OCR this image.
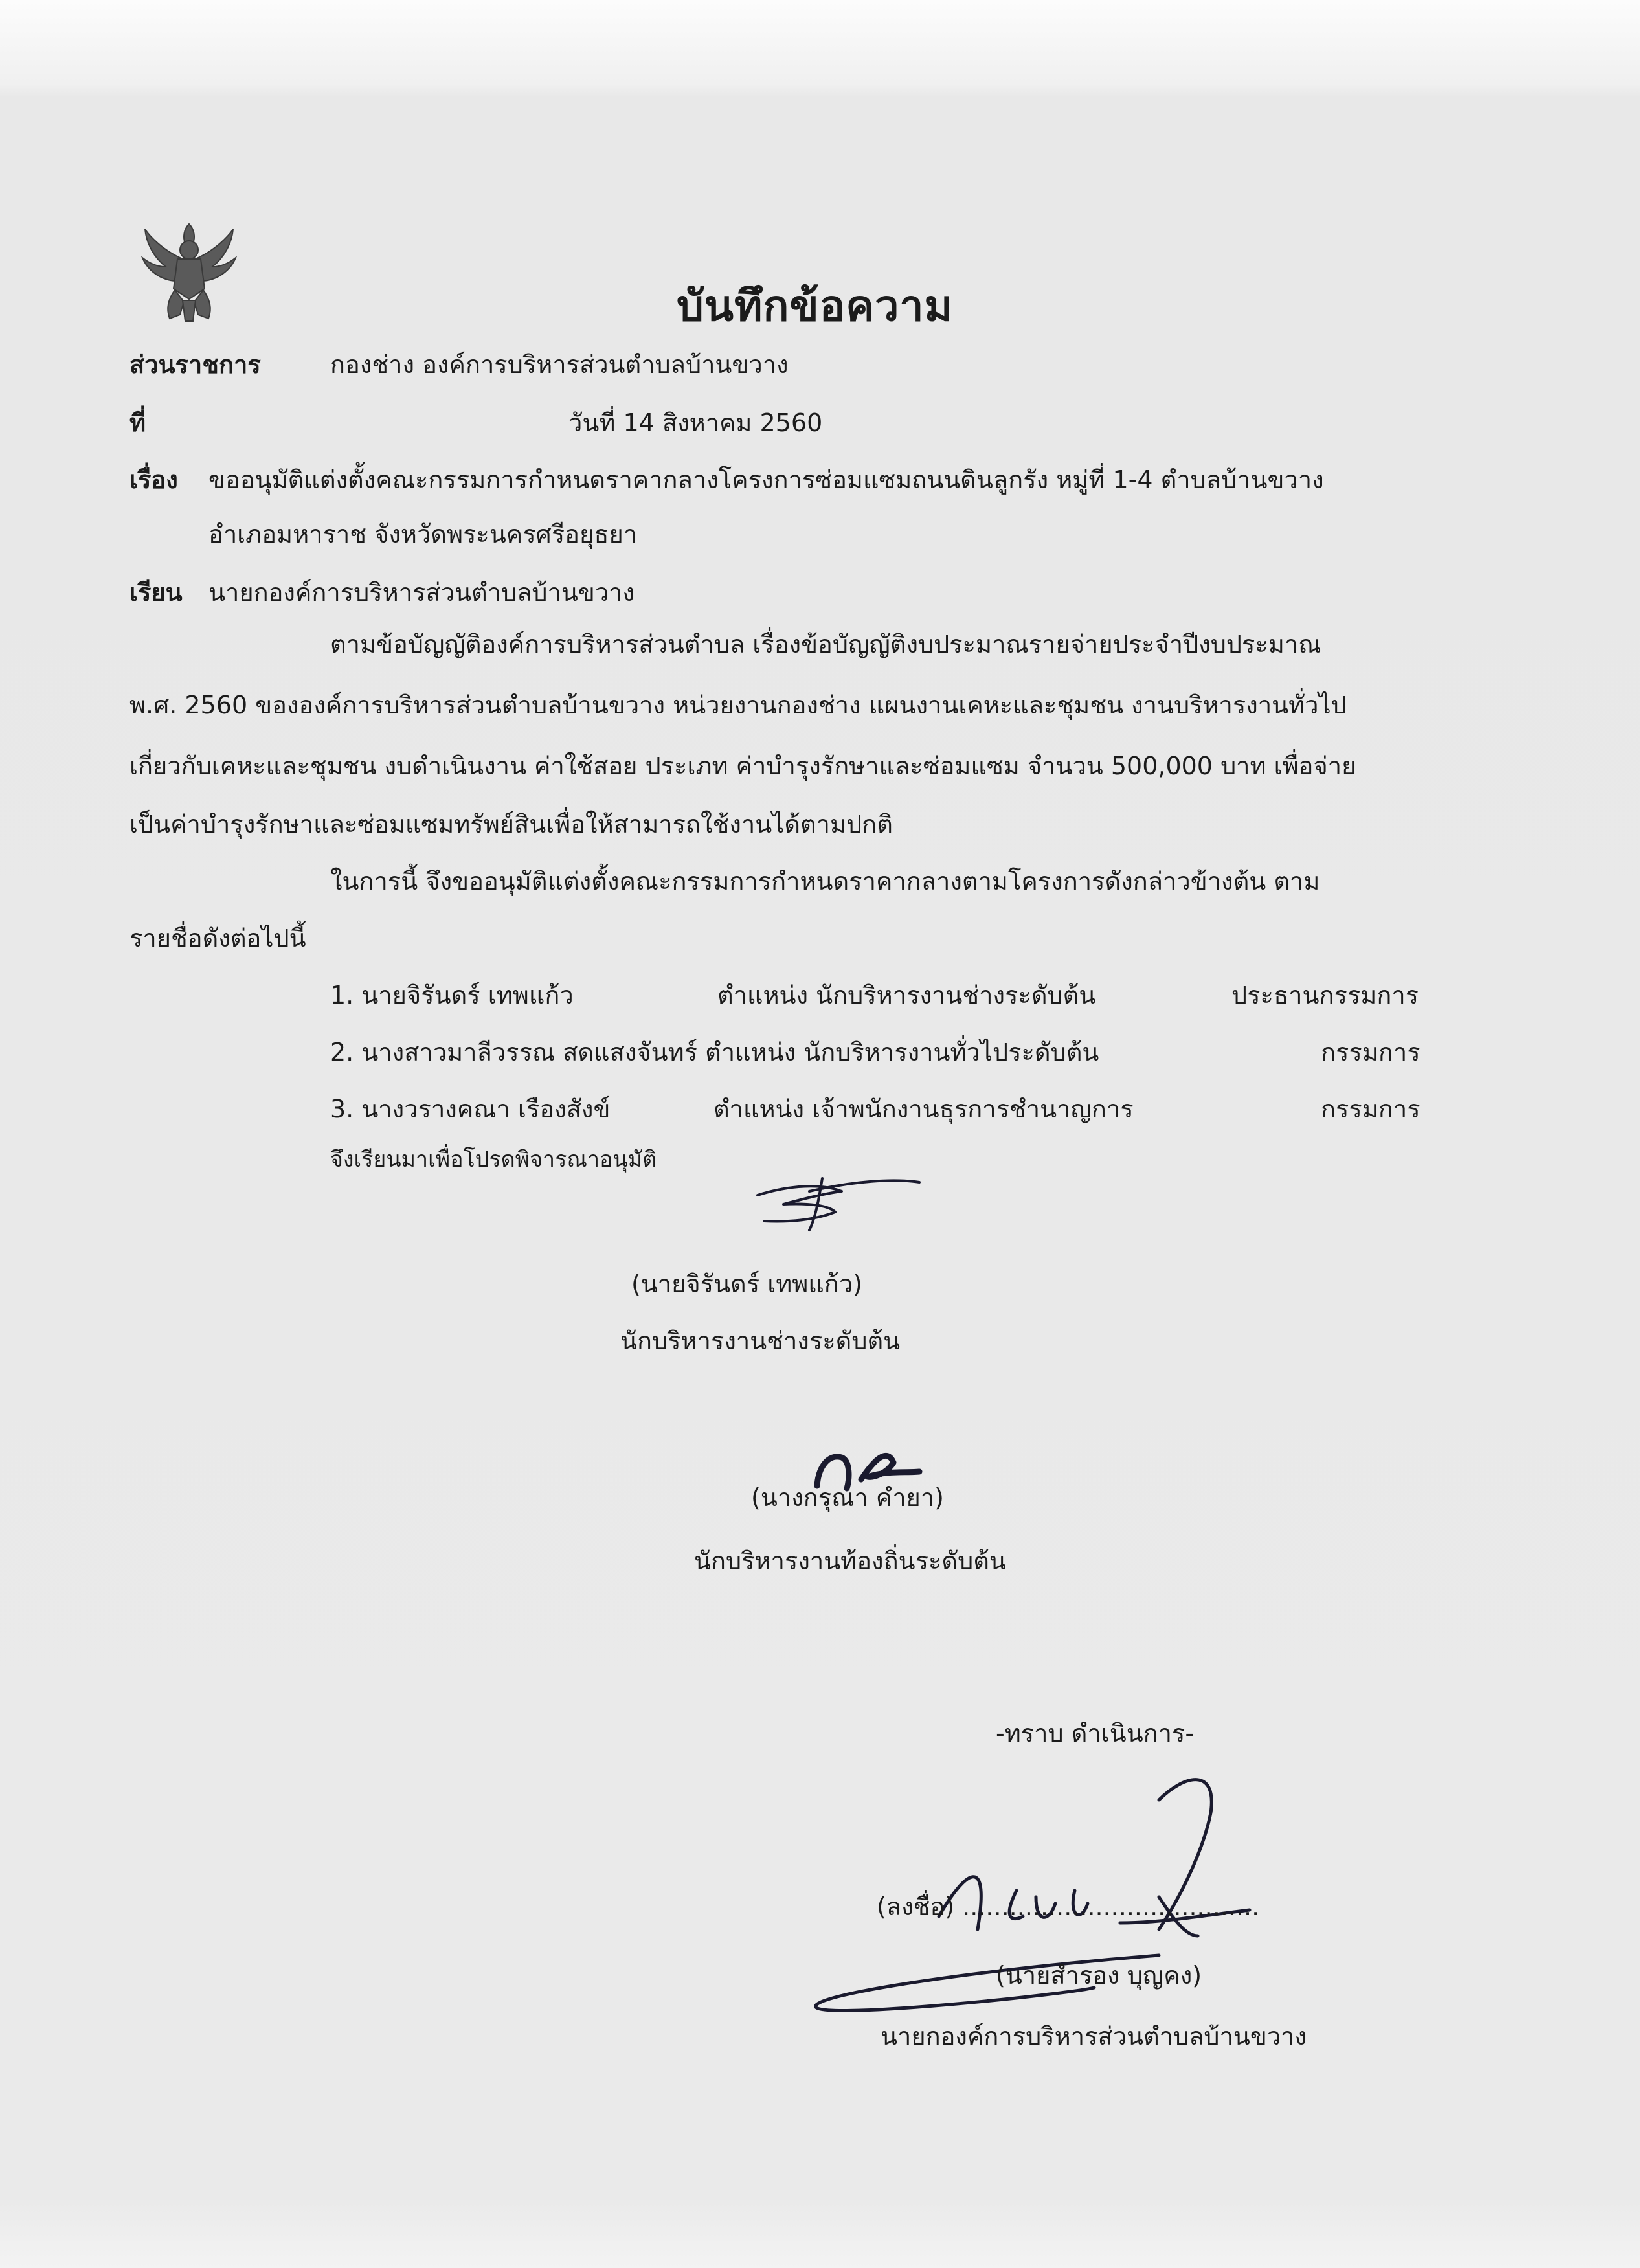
บันทึกข้อความ
ส่วนราชการ	กองช่าง องค์การบริหารส่วนตำบลบ้านขวาง
ที่	วันที่ 14 สิงหาคม 2560
เรื่อง ขออนุมัติแต่งตั้งคณะกรรมการกำหนดราคากลางโครงการซ่อมแซมถนนดินลูกรัง หมู่ที่ 1-4 ตำบลบ้านขวาง
อำเภอมหาราช จังหวัดพระนครศรีอยุธยา
เรียน นายกองค์การบริหารส่วนตำบลบ้านขวาง
ตามข้อบัญญัติองค์การบริหารส่วนตำบล เรื่องข้อบัญญัติงบประมาณรายจ่ายประจำปีงบประมาณ
พ.ศ. 2560 ขององค์การบริหารส่วนตำบลบ้านขวาง หน่วยงานกองช่าง แผนงานเคหะและชุมชน งานบริหารงานทั่วไป
เกี่ยวกับเคหะและชุมชน งบดำเนินงาน ค่าใช้สอย ประเภท ค่าบำรุงรักษาและซ่อมแซม จำนวน 500,000 บาท เพื่อจ่าย
เป็นค่าบำรุงรักษาและซ่อมแซมทรัพย์สินเพื่อให้สามารถใช้งานได้ตามปกติ
ในการนี้ จึงขออนุมัติแต่งตั้งคณะกรรมการกำหนดราคากลางตามโครงการดังกล่าวข้างต้น ตาม
รายชื่อดังต่อไปนี้
1. นายจิรันดร์ เทพแก้ว	ตำแหน่ง นักบริหารงานช่างระดับต้น	ประธานกรรมการ
2. นางสาวมาลีวรรณ สดแสงจันทร์ ตำแหน่ง นักบริหารงานทั่วไประดับต้น	กรรมการ
3. นางวรางคณา เรืองสังข์	ตำแหน่ง เจ้าพนักงานธุรการชำนาญการ	กรรมการ
จึงเรียนมาเพื่อโปรดพิจารณาอนุมัติ
(นายจิรันดร์ เทพแก้ว)
นักบริหารงานช่างระดับต้น
(นางกรุณา คำยา)
นักบริหารงานท้องถิ่นระดับต้น
-ทราบ ดำเนินการ-
(ลงชื่อ) ......................................
(นายสำรอง บุญคง)
นายกองค์การบริหารส่วนตำบลบ้านขวาง
